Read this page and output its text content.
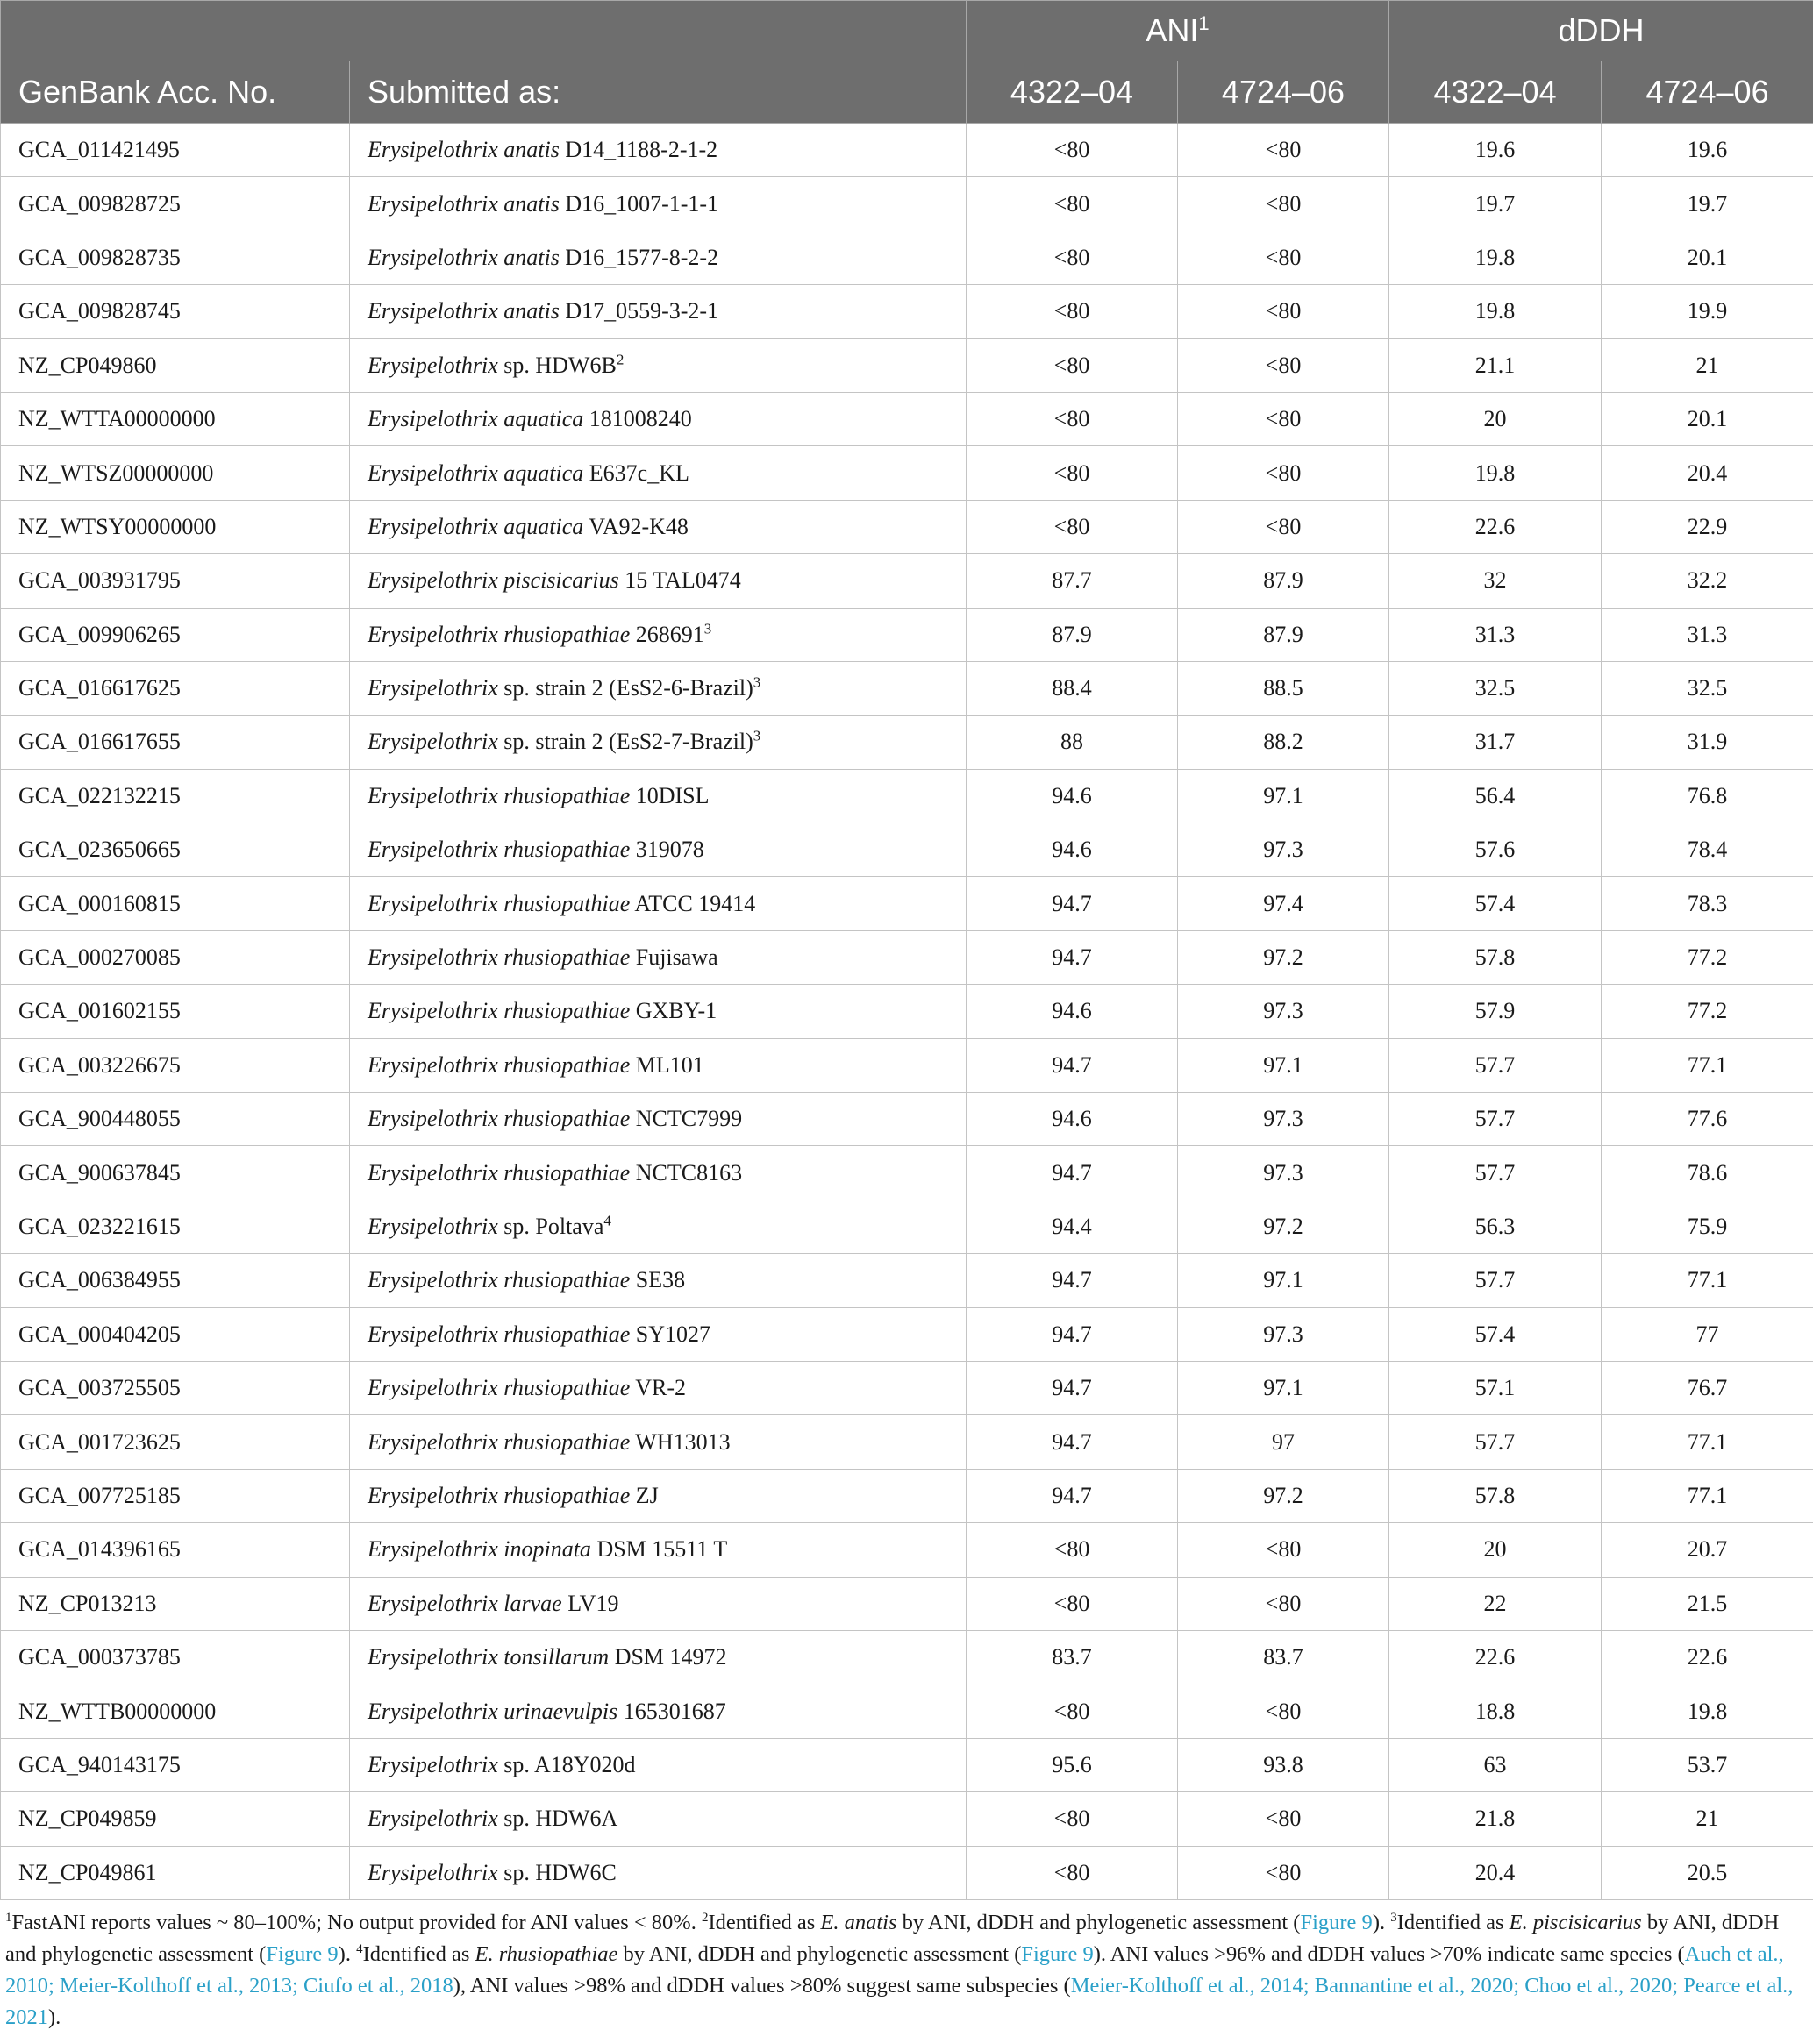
		ANI$^1$		dDDH	
GenBank Acc. No.	Submitted as:	4322–04	4724–06	4322–04	4724–06
GCA_011421495	Erysipelothrix anatis D14_1188-2-1-2	<80	<80	19.6	19.6
GCA_009828725	Erysipelothrix anatis D16_1007-1-1-1	<80	<80	19.7	19.7
GCA_009828735	Erysipelothrix anatis D16_1577-8-2-2	<80	<80	19.8	20.1
GCA_009828745	Erysipelothrix anatis D17_0559-3-2-1	<80	<80	19.8	19.9
NZ_CP049860	Erysipelothrix sp. $HDW6B^2$	<80	<80	21.1	21
NZ_WTTA00000000	Erysipelothrix aquatica 181008240	<80	<80	20	20.1
NZ_WTSZ00000000	Erysipelothrix aquatica E637c_KL	<80	<80	19.8	20.4
NZ_WTSY00000000	Erysipelothrix aquatica VA92-K48	<80	<80	22.6	22.9
GCA_003931795	Erysipelothrix piscisicarius 15 TAL0474	87.7	87.9	32	32.2
GCA_009906265	Erysipelothrix rhusiopathiae 268691$^3$	87.9	87.9	31.3	31.3
GCA_016617625	Erysipelothrix sp. strain 2 (EsS2-6-Brazil)$^3$	88.4	88.5	32.5	32.5
GCA_016617655	Erysipelothrix sp. strain 2 (EsS2-7-Brazil)$^3$	88	88.2	31.7	31.9
GCA_022132215	Erysipelothrix rhusiopathiae 10DISL	94.6	97.1	56.4	76.8
GCA_023650665	Erysipelothrix rhusiopathiae 319078	94.6	97.3	57.6	78.4
GCA_000160815	Erysipelothrix rhusiopathiae ATCC 19414	94.7	97.4	57.4	78.3
GCA_000270085	Erysipelothrix rhusiopathiae Fujisawa	94.7	97.2	57.8	77.2
GCA_001602155	Erysipelothrix rhusiopathiae GXBY-1	94.6	97.3	57.9	77.2
GCA_003226675	Erysipelothrix rhusiopathiae ML101	94.7	97.1	57.7	77.1
GCA_900448055	Erysipelothrix rhusiopathiae NCTC7999	94.6	97.3	57.7	77.6
GCA_900637845	Erysipelothrix rhusiopathiae NCTC8163	94.7	97.3	57.7	78.6
GCA_023221615	Erysipelothrix sp. Poltava$^4$	94.4	97.2	56.3	75.9
GCA_006384955	Erysipelothrix rhusiopathiae SE38	94.7	97.1	57.7	77.1
GCA_000404205	Erysipelothrix rhusiopathiae SY1027	94.7	97.3	57.4	77
GCA_003725505	Erysipelothrix rhusiopathiae VR-2	94.7	97.1	57.1	76.7
GCA_001723625	Erysipelothrix rhusiopathiae WH13013	94.7	97	57.7	77.1
GCA_007725185	Erysipelothrix rhusiopathiae ZJ	94.7	97.2	57.8	77.1
GCA_014396165	Erysipelothrix inopinata DSM 15511 T	<80	<80	20	20.7
NZ_CP013213	Erysipelothrix larvae LV19	<80	<80	22	21.5
GCA_000373785	Erysipelothrix tonsillarum DSM 14972	83.7	83.7	22.6	22.6
NZ_WTTB00000000	Erysipelothrix urinaevulpis 165301687	<80	<80	18.8	19.8
GCA_940143175	Erysipelothrix sp. A18Y020d	95.6	93.8	63	53.7
NZ_CP049859	Erysipelothrix sp. HDW6A	<80	<80	21.8	21
NZ_CP049861	Erysipelothrix sp. HDW6C	<80	<80	20.4	20.5
$^1$FastANI reports values ~ 80–100%; No output provided for ANI values < 80%. $^2$Identified as E. anatis by ANI, dDDH and phylogenetic assessment (Figure 9). $^3$Identified as E. piscisicarius by ANI, dDDH and phylogenetic assessment (Figure 9). $^4$Identified as E. rhusiopathiae by ANI, dDDH and phylogenetic assessment (Figure 9). ANI values >96% and dDDH values >70% indicate same species (Auch et al., 2010; Meier-Kolthoff et al., 2013; Ciufo et al., 2018), ANI values >98% and dDDH values >80% suggest same subspecies (Meier-Kolthoff et al., 2014; Bannantine et al., 2020; Choo et al., 2020; Pearce et al., 2021).
